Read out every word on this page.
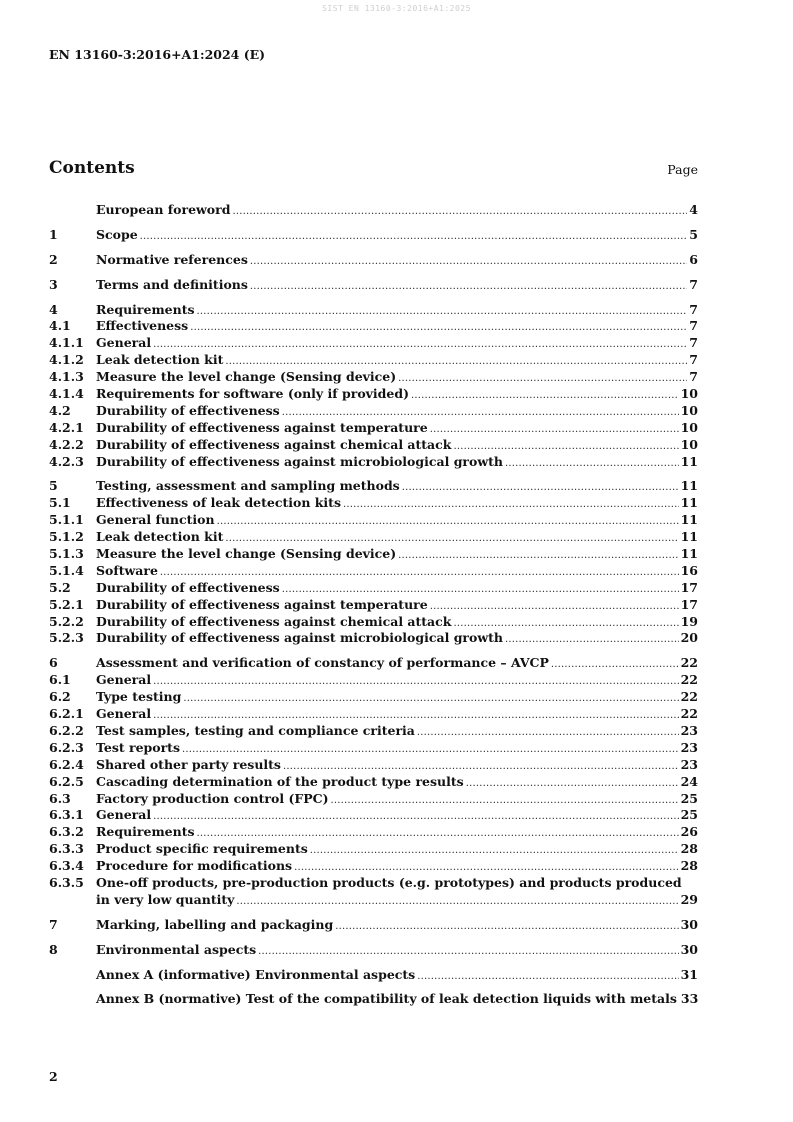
SIST EN 13160-3:2016+A1:2025
EN 13160-3:2016+A1:2024 (E)
Contents	Page
European foreword .....	4
1	Scope .....	5
2	Normative references .....	6
3	Terms and definitions .....	7
4	Requirements .....	7
4.1	Effectiveness .....	7
4.1.1 General .....	7
4.1.2 Leak detection kit .....	7
4.1.3 Measure the level change (Sensing device) .....	7
4.1.4 Requirements for software (only if provided) .....	10
4.2	Durability of effectiveness .....	10
4.2.1 Durability of effectiveness against temperature .....	10
4.2.2 Durability of effectiveness against chemical attack .....	10
4.2.3 Durability of effectiveness against microbiological growth .....	11
5	Testing, assessment and sampling methods .....	11
5.1	Effectiveness of leak detection kits .....	11
5.1.1 General function .....	11
5.1.2 Leak detection kit .....	11
5.1.3 Measure the level change (Sensing device) .....	11
5.1.4 Software .....	16
5.2	Durability of effectiveness .....	17
5.2.1 Durability of effectiveness against temperature .....	17
5.2.2 Durability of effectiveness against chemical attack .....	19
5.2.3 Durability of effectiveness against microbiological growth .....	20
6	Assessment and verification of constancy of performance – AVCP .....	22
6.1	General .....	22
6.2	Type testing .....	22
6.2.1 General .....	22
6.2.2 Test samples, testing and compliance criteria .....	23
6.2.3 Test reports .....	23
6.2.4 Shared other party results .....	23
6.2.5 Cascading determination of the product type results .....	24
6.3	Factory production control (FPC) .....	25
6.3.1 General .....	25
6.3.2 Requirements .....	26
6.3.3 Product specific requirements .....	28
6.3.4 Procedure for modifications .....	28
6.3.5 One-off products, pre-production products (e.g. prototypes) and products produced
in very low quantity .....	29
7	Marking, labelling and packaging .....	30
8	Environmental aspects .....	30
Annex A (informative) Environmental aspects .....	31
Annex B (normative) Test of the compatibility of leak detection liquids with metals 33
2
